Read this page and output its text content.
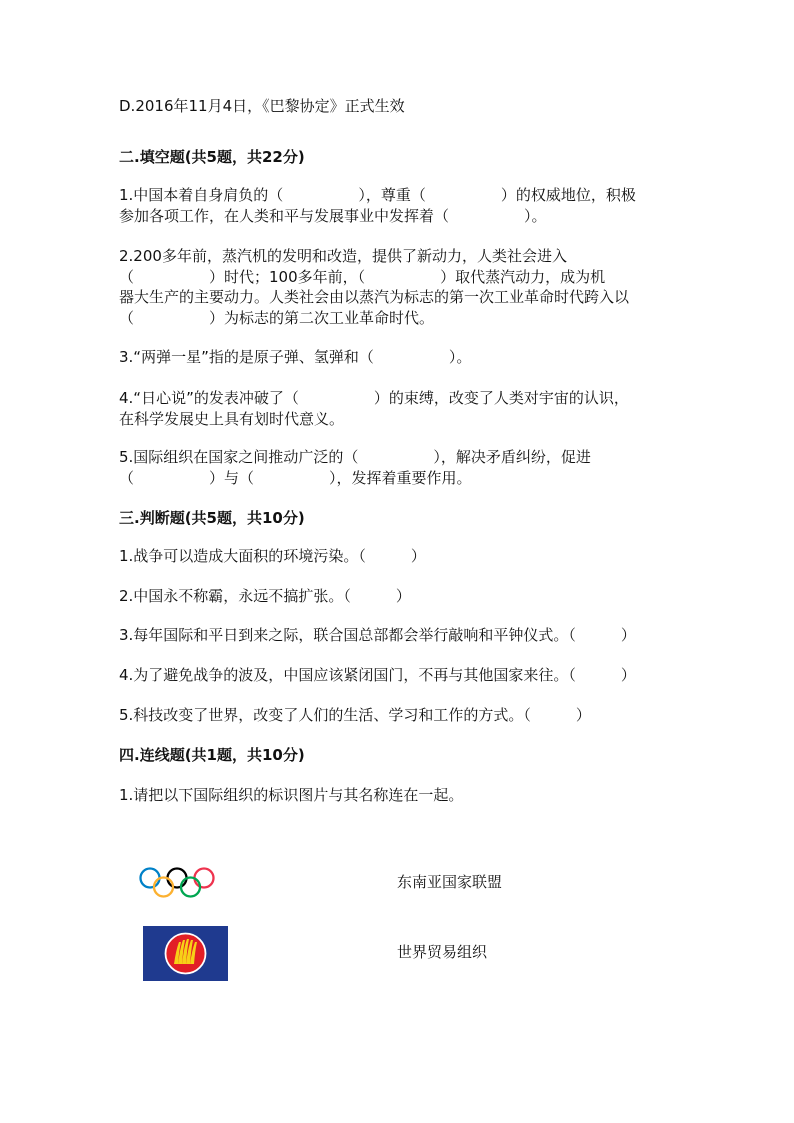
D.2016年11月4日，《巴黎协定》正式生效

二.填空题(共5题，共22分)

1.中国本着自身肩负的（　　　　　），尊重（　　　　　）的权威地位，积极
参加各项工作，在人类和平与发展事业中发挥着（　　　　　）。
2.200多年前，蒸汽机的发明和改造，提供了新动力，人类社会进入
（　　　　　）时代；100多年前，（　　　　　）取代蒸汽动力，成为机
器大生产的主要动力。人类社会由以蒸汽为标志的第一次工业革命时代跨入以
（　　　　　）为标志的第二次工业革命时代。

3.“两弹一星”指的是原子弹、氢弹和（　　　　　）。

4.“日心说”的发表冲破了（　　　　　）的束缚，改变了人类对宇宙的认识，
在科学发展史上具有划时代意义。
5.国际组织在国家之间推动广泛的（　　　　　），解决矛盾纠纷，促进
（　　　　　）与（　　　　　），发挥着重要作用。

三.判断题(共5题，共10分)

1.战争可以造成大面积的环境污染。（　　　）

2.中国永不称霸，永远不搞扩张。（　　　）

3.每年国际和平日到来之际，联合国总部都会举行敲响和平钟仪式。（　　　）

4.为了避免战争的波及，中国应该紧闭国门，不再与其他国家来往。（　　　）

5.科技改变了世界，改变了人们的生活、学习和工作的方式。（　　　）

四.连线题(共1题，共10分)

1.请把以下国际组织的标识图片与其名称连在一起。

东南亚国家联盟
世界贸易组织
